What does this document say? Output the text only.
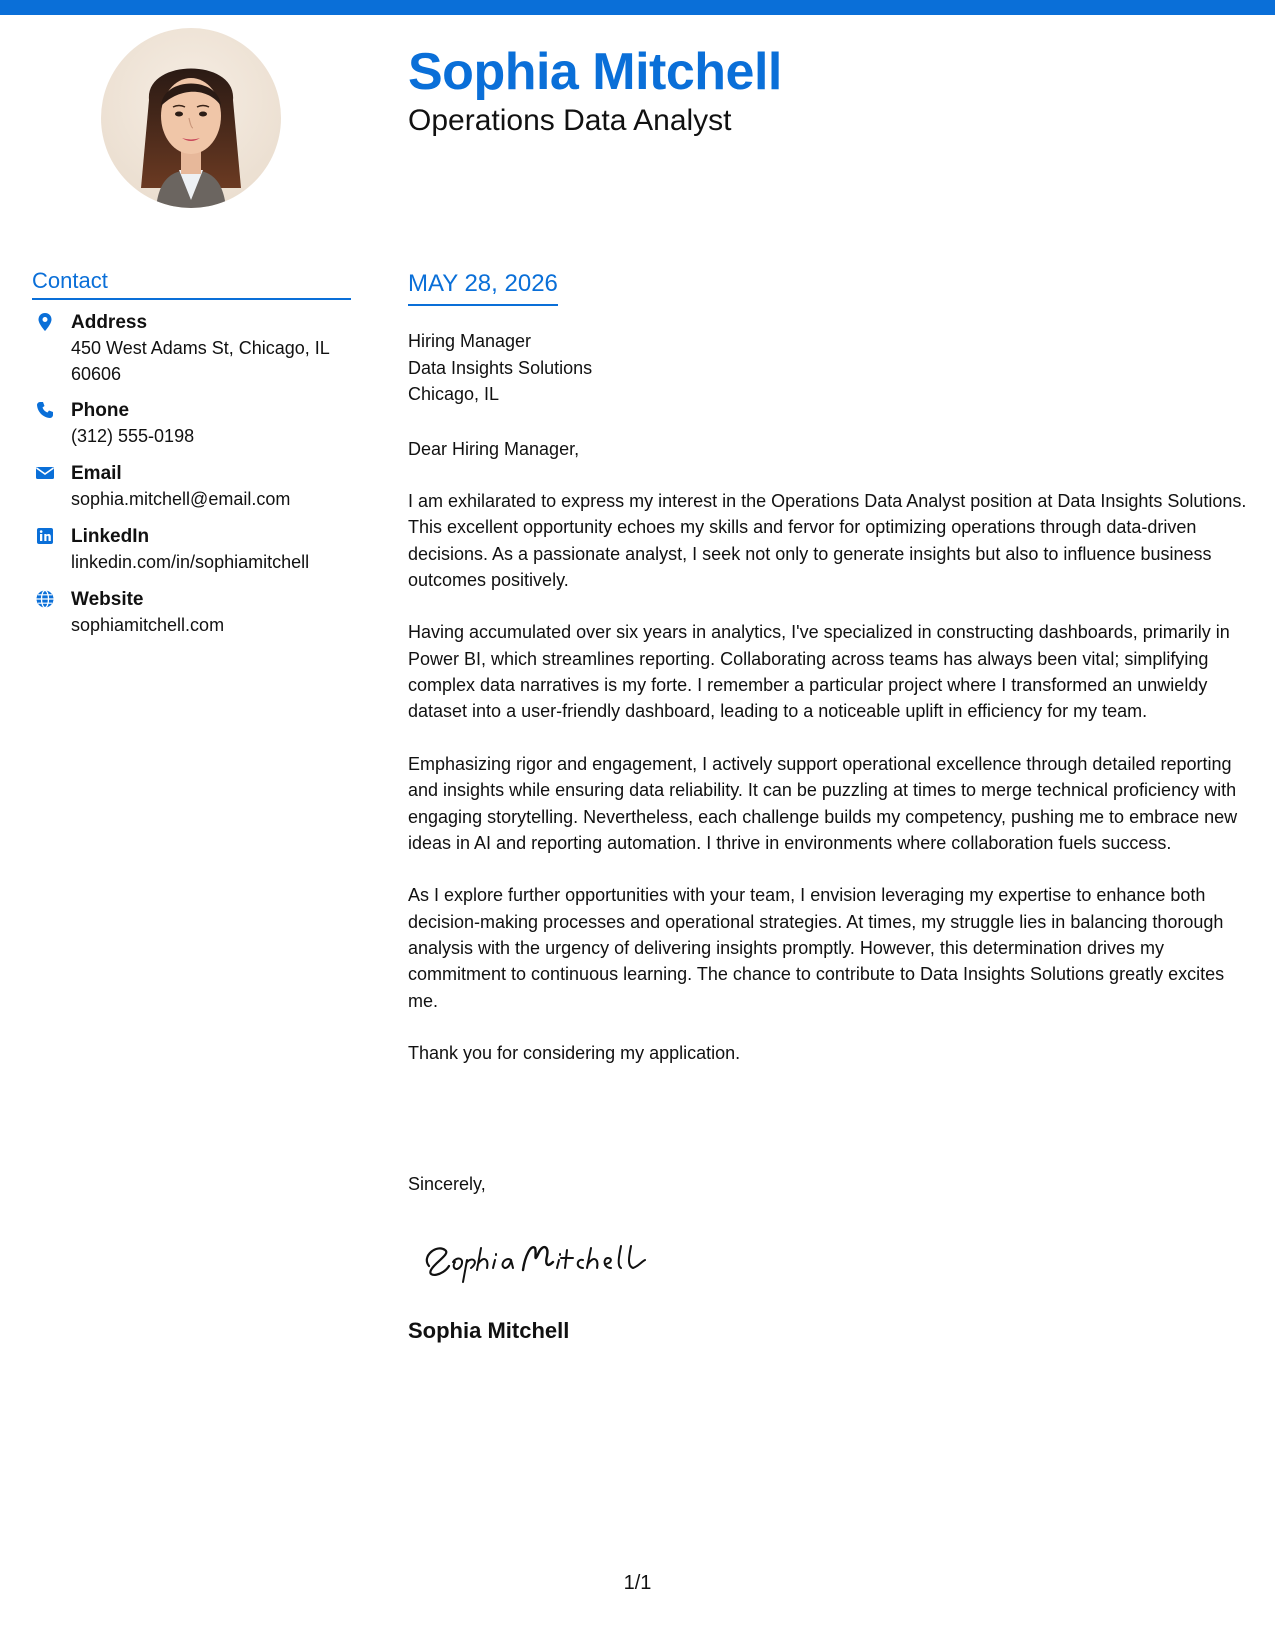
Sophia Mitchell
Operations Data Analyst
Contact
Address
450 West Adams St, Chicago, IL 60606
Phone
(312) 555-0198
Email
sophia.mitchell@email.com
LinkedIn
linkedin.com/in/sophiamitchell
Website
sophiamitchell.com
MAY 28, 2026
Hiring Manager
Data Insights Solutions
Chicago, IL
Dear Hiring Manager,

I am exhilarated to express my interest in the Operations Data Analyst position at Data Insights Solutions. This excellent opportunity echoes my skills and fervor for optimizing operations through data-driven decisions. As a passionate analyst, I seek not only to generate insights but also to influence business outcomes positively.

Having accumulated over six years in analytics, I've specialized in constructing dashboards, primarily in Power BI, which streamlines reporting. Collaborating across teams has always been vital; simplifying complex data narratives is my forte. I remember a particular project where I transformed an unwieldy dataset into a user-friendly dashboard, leading to a noticeable uplift in efficiency for my team.

Emphasizing rigor and engagement, I actively support operational excellence through detailed reporting and insights while ensuring data reliability. It can be puzzling at times to merge technical proficiency with engaging storytelling. Nevertheless, each challenge builds my competency, pushing me to embrace new ideas in AI and reporting automation. I thrive in environments where collaboration fuels success.

As I explore further opportunities with your team, I envision leveraging my expertise to enhance both decision-making processes and operational strategies. At times, my struggle lies in balancing thorough analysis with the urgency of delivering insights promptly. However, this determination drives my commitment to continuous learning. The chance to contribute to Data Insights Solutions greatly excites me.

Thank you for considering my application.

Sincerely,
Sophia Mitchell
1/1
